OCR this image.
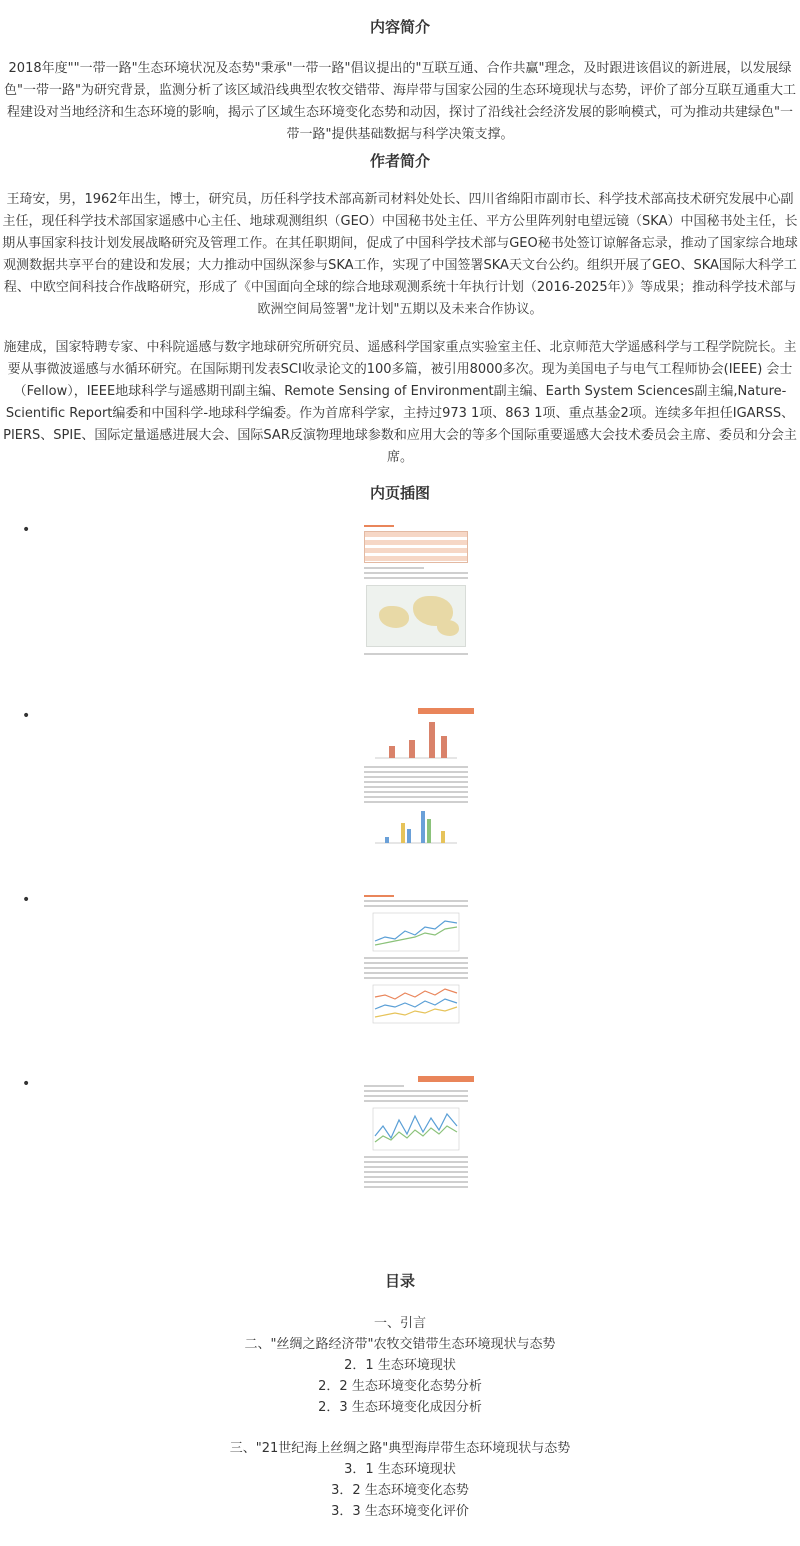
内容简介

2018年度""一带一路"生态环境状况及态势"秉承"一带一路"倡议提出的"互联互通、合作共赢"理念，及时跟进该倡议的新进展，以发展绿色"一带一路"为研究背景，监测分析了该区域沿线典型农牧交错带、海岸带与国家公园的生态环境现状与态势，评价了部分互联互通重大工程建设对当地经济和生态环境的影响，揭示了区域生态环境变化态势和动因，探讨了沿线社会经济发展的影响模式，可为推动共建绿色"一带一路"提供基础数据与科学决策支撑。

作者简介

王琦安，男，1962年出生，博士，研究员，历任科学技术部高新司材料处处长、四川省绵阳市副市长、科学技术部高技术研究发展中心副主任，现任科学技术部国家遥感中心主任、地球观测组织（GEO）中国秘书处主任、平方公里阵列射电望远镜（SKA）中国秘书处主任，长期从事国家科技计划发展战略研究及管理工作。在其任职期间，促成了中国科学技术部与GEO秘书处签订谅解备忘录，推动了国家综合地球观测数据共享平台的建设和发展；大力推动中国纵深参与SKA工作，实现了中国签署SKA天文台公约。组织开展了GEO、SKA国际大科学工程、中欧空间科技合作战略研究，形成了《中国面向全球的综合地球观测系统十年执行计划（2016-2025年）》等成果；推动科学技术部与欧洲空间局签署"龙计划"五期以及未来合作协议。

施建成，国家特聘专家、中科院遥感与数字地球研究所研究员、遥感科学国家重点实验室主任、北京师范大学遥感科学与工程学院院长。主要从事微波遥感与水循环研究。在国际期刊发表SCI收录论文的100多篇，被引用8000多次。现为美国电子与电气工程师协会(IEEE) 会士（Fellow），IEEE地球科学与遥感期刊副主编、Remote Sensing of Environment副主编、Earth System Sciences副主编,Nature-Scientific Report编委和中国科学-地球科学编委。作为首席科学家，主持过973 1项、863 1项、重点基金2项。连续多年担任IGARSS、PIERS、SPIE、国际定量遥感进展大会、国际SAR反演物理地球参数和应用大会的等多个国际重要遥感大会技术委员会主席、委员和分会主席。

内页插图
•
•
•
•
目录
一、引言
二、"丝绸之路经济带"农牧交错带生态环境现状与态势
2．1 生态环境现状
2．2 生态环境变化态势分析
2．3 生态环境变化成因分析
三、"21世纪海上丝绸之路"典型海岸带生态环境现状与态势
3．1 生态环境现状
3．2 生态环境变化态势
3．3 生态环境变化评价
